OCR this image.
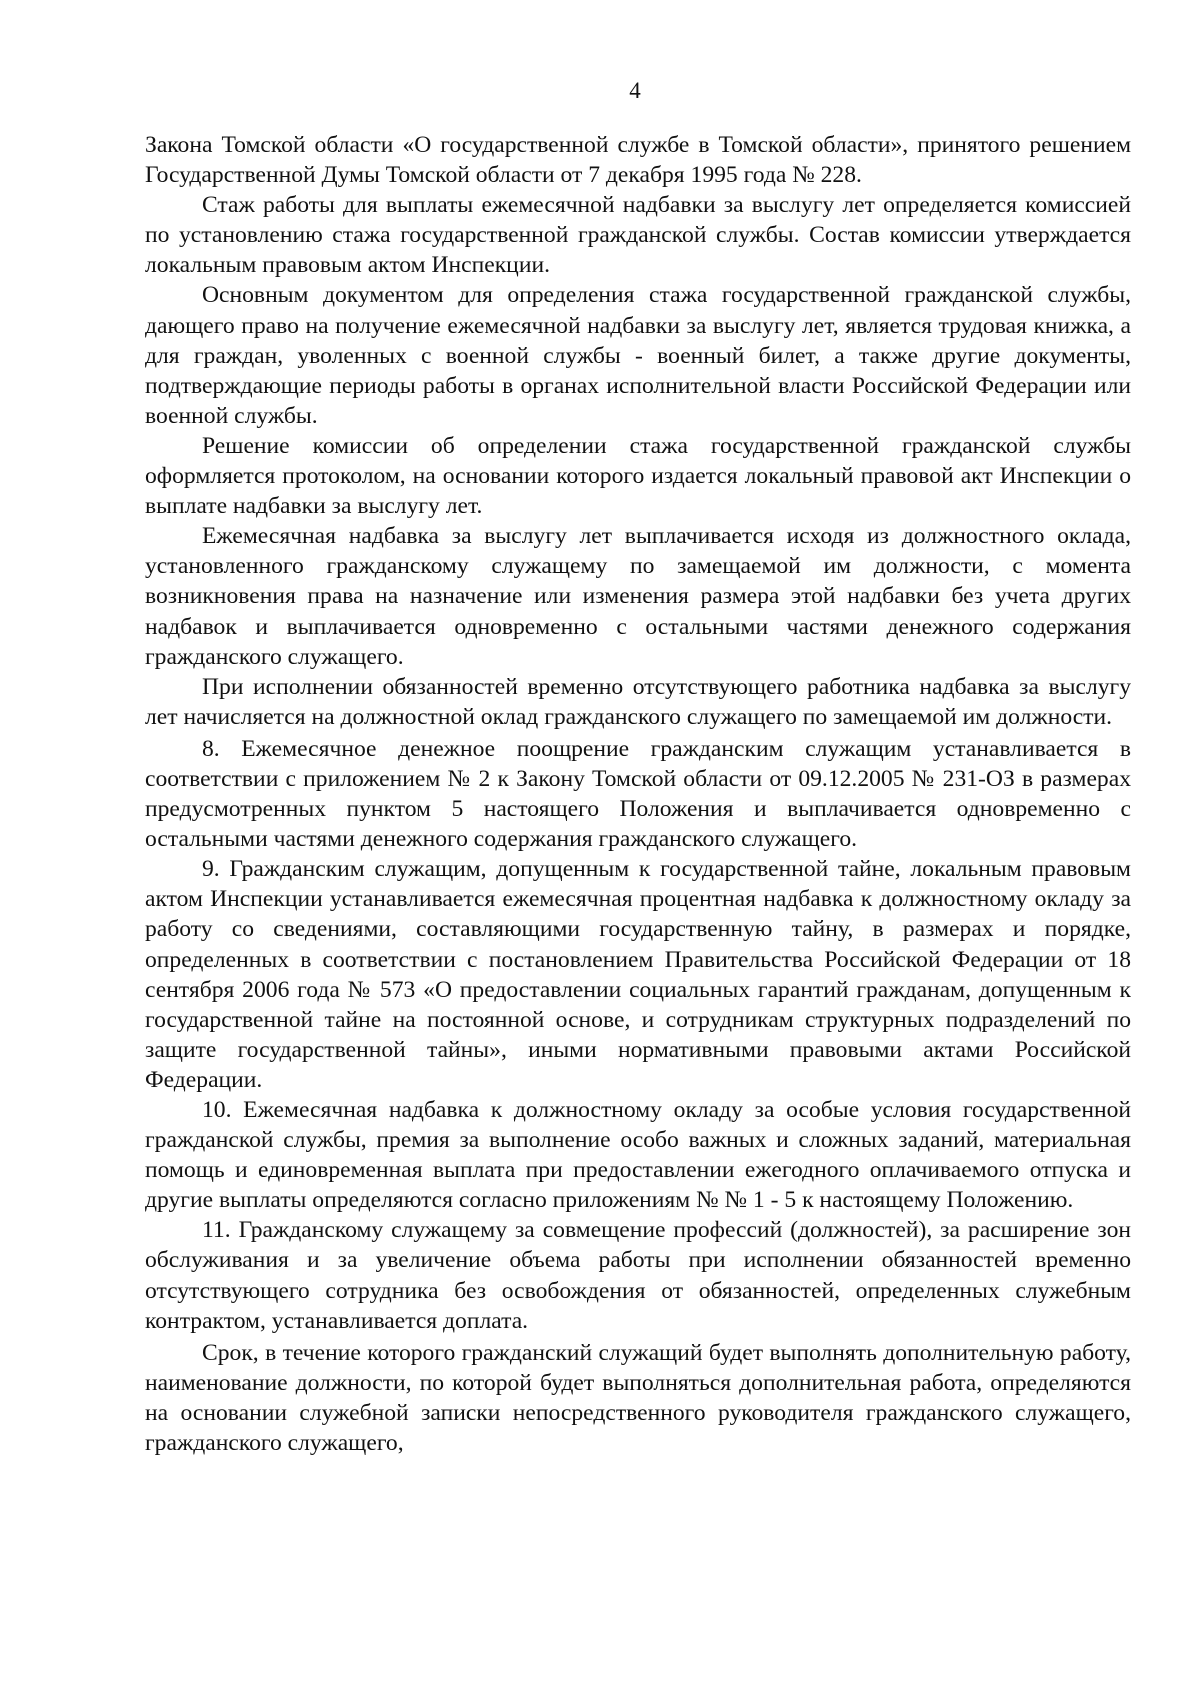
4

Закона Томской области «О государственной службе в Томской области», принятого решением Государственной Думы Томской области от 7 декабря 1995 года № 228.

Стаж работы для выплаты ежемесячной надбавки за выслугу лет определяется комиссией по установлению стажа государственной гражданской службы. Состав комиссии утверждается локальным правовым актом Инспекции.

Основным документом для определения стажа государственной гражданской службы, дающего право на получение ежемесячной надбавки за выслугу лет, является трудовая книжка, а для граждан, уволенных с военной службы - военный билет, а также другие документы, подтверждающие периоды работы в органах исполнительной власти Российской Федерации или военной службы.

Решение комиссии об определении стажа государственной гражданской службы оформляется протоколом, на основании которого издается локальный правовой акт Инспекции о выплате надбавки за выслугу лет.

Ежемесячная надбавка за выслугу лет выплачивается исходя из должностного оклада, установленного гражданскому служащему по замещаемой им должности, с момента возникновения права на назначение или изменения размера этой надбавки без учета других надбавок и выплачивается одновременно с остальными частями денежного содержания гражданского служащего.

При исполнении обязанностей временно отсутствующего работника надбавка за выслугу лет начисляется на должностной оклад гражданского служащего по замещаемой им должности.

8. Ежемесячное денежное поощрение гражданским служащим устанавливается в соответствии с приложением № 2 к Закону Томской области от 09.12.2005 № 231-ОЗ в размерах предусмотренных пунктом 5 настоящего Положения и выплачивается одновременно с остальными частями денежного содержания гражданского служащего.

9. Гражданским служащим, допущенным к государственной тайне, локальным правовым актом Инспекции устанавливается ежемесячная процентная надбавка к должностному окладу за работу со сведениями, составляющими государственную тайну, в размерах и порядке, определенных в соответствии с постановлением Правительства Российской Федерации от 18 сентября 2006 года № 573 «О предоставлении социальных гарантий гражданам, допущенным к государственной тайне на постоянной основе, и сотрудникам структурных подразделений по защите государственной тайны», иными нормативными правовыми актами Российской Федерации.

10. Ежемесячная надбавка к должностному окладу за особые условия государственной гражданской службы, премия за выполнение особо важных и сложных заданий, материальная помощь и единовременная выплата при предоставлении ежегодного оплачиваемого отпуска и другие выплаты определяются согласно приложениям № № 1 - 5 к настоящему Положению.

11. Гражданскому служащему за совмещение профессий (должностей), за расширение зон обслуживания и за увеличение объема работы при исполнении обязанностей временно отсутствующего сотрудника без освобождения от обязанностей, определенных служебным контрактом, устанавливается доплата.

Срок, в течение которого гражданский служащий будет выполнять дополнительную работу, наименование должности, по которой будет выполняться дополнительная работа, определяются на основании служебной записки непосредственного руководителя гражданского служащего, гражданского служащего,
